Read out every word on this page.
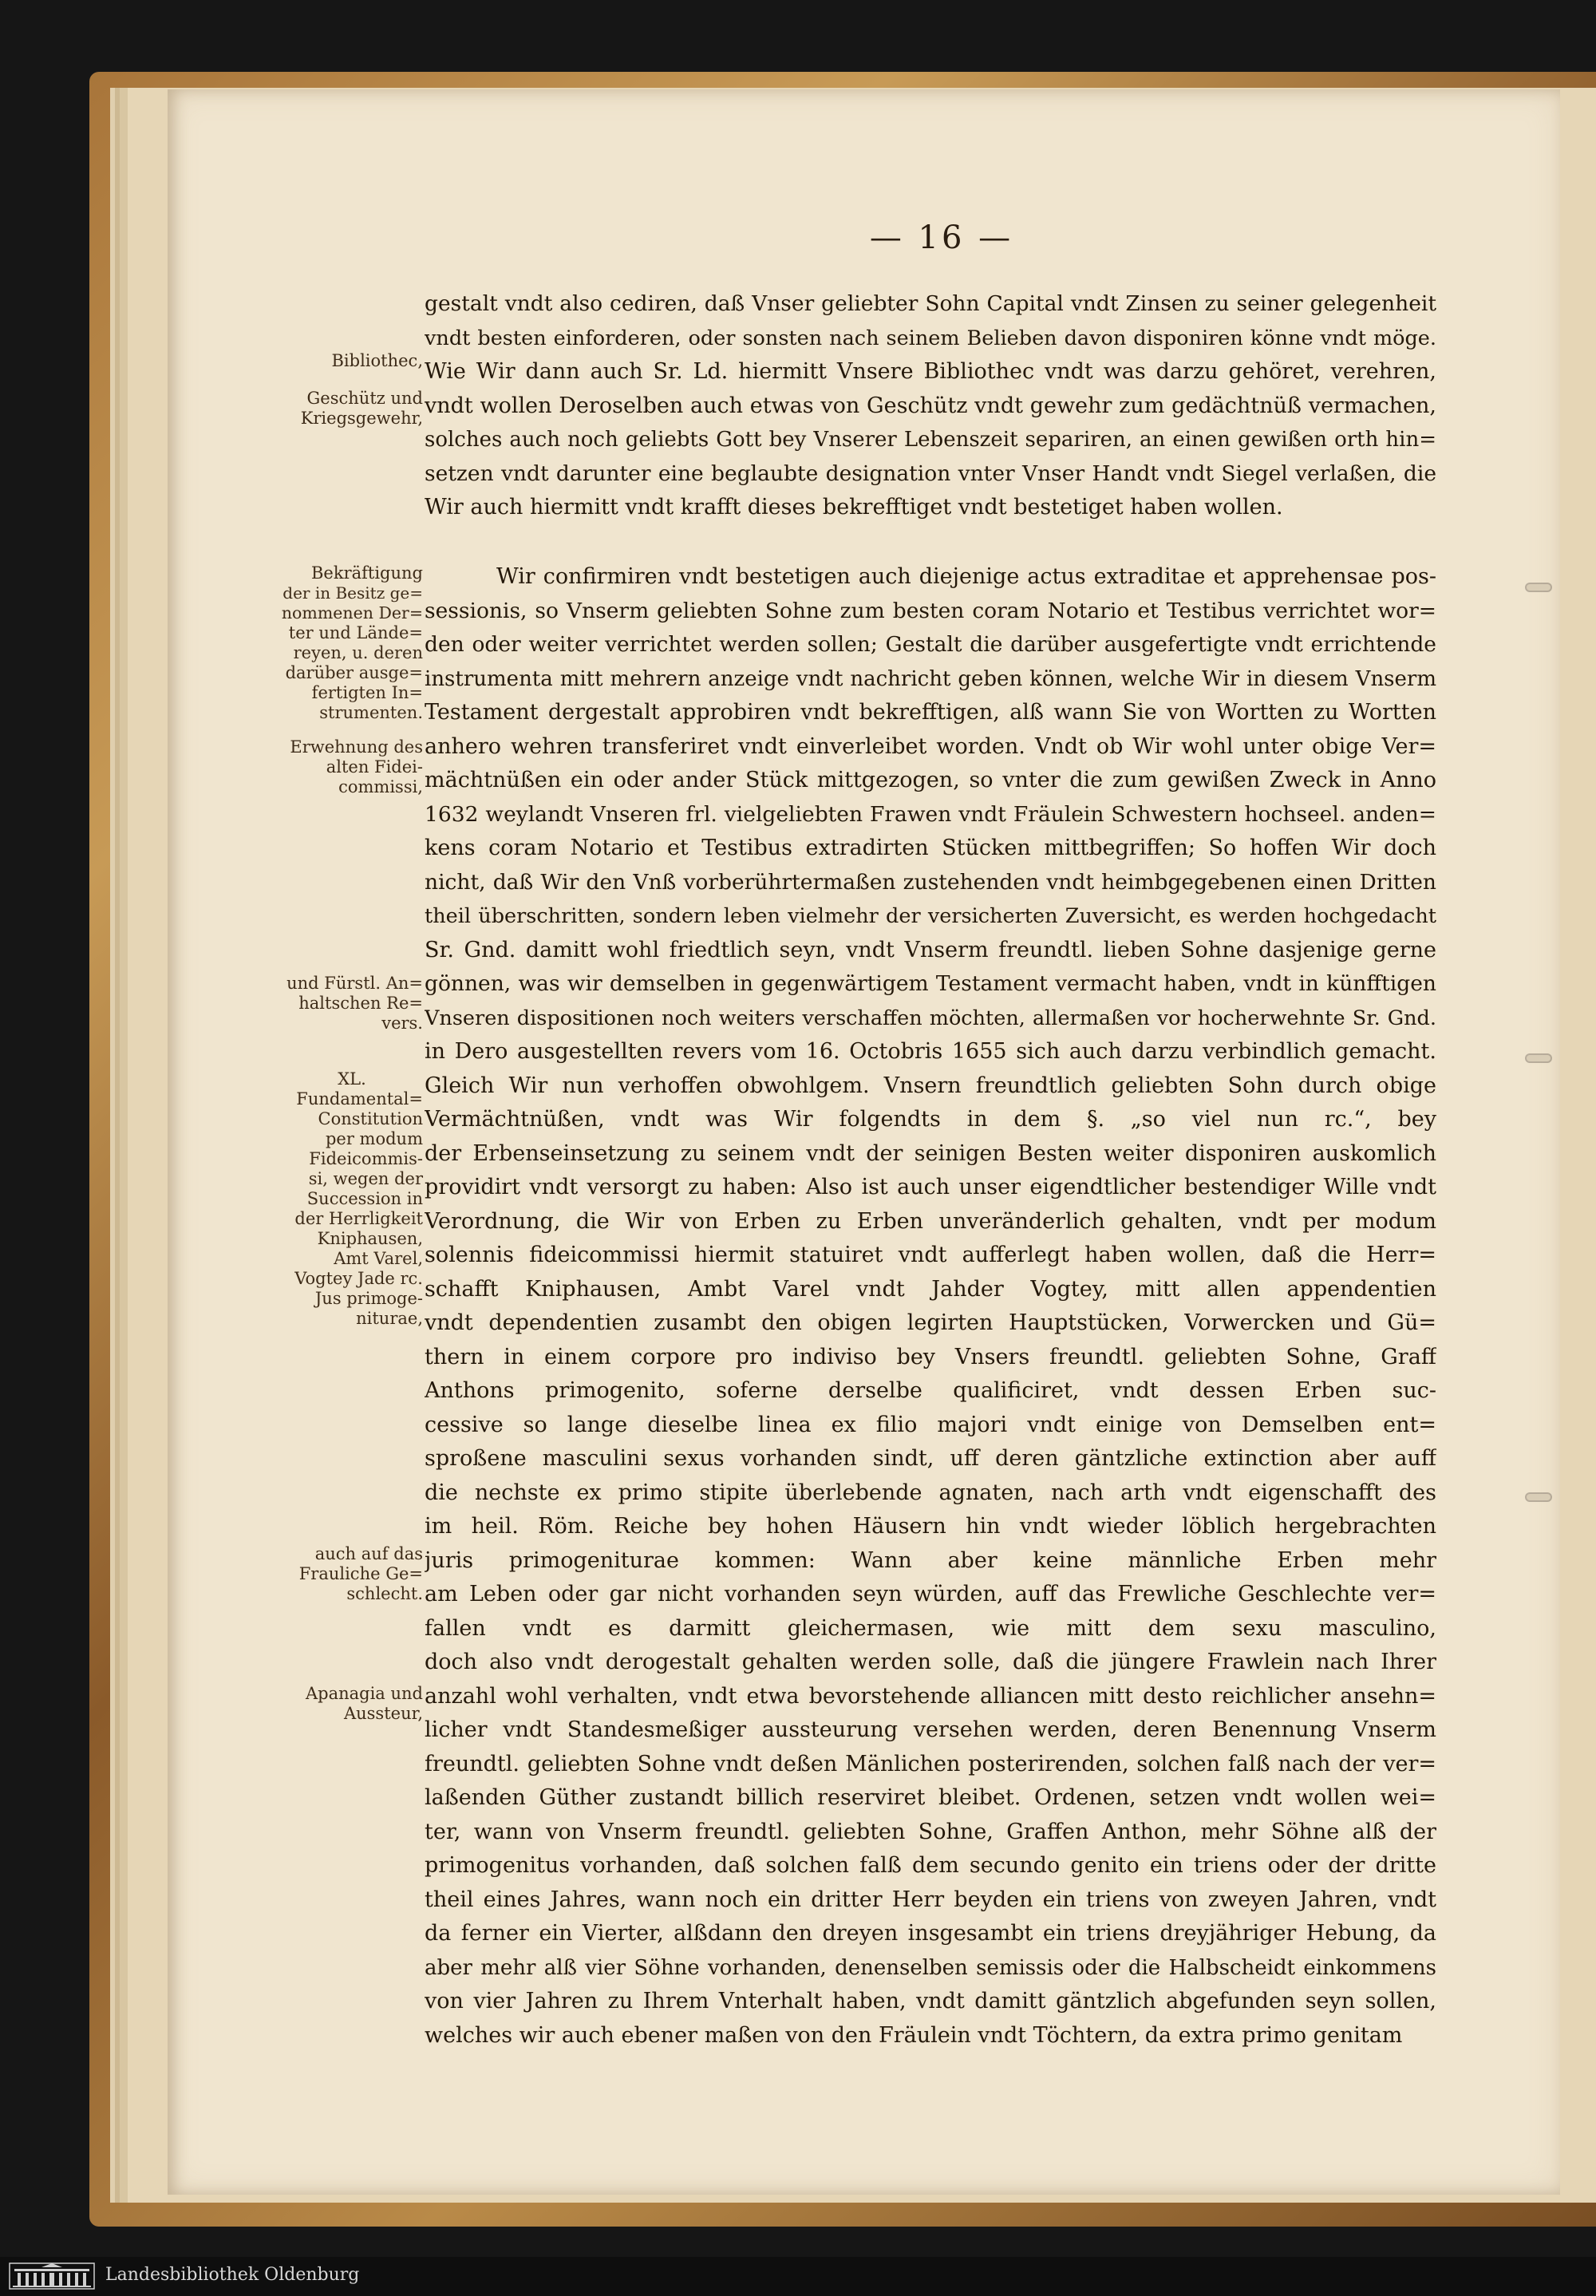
— 16 —
Bibliothec,
Geschütz und
Kriegsgewehr,
Bekräftigung
der in Besitz ge=
nommenen Der=
ter und Lände=
reyen, u. deren
darüber ausge=
fertigten In=
strumenten.
Erwehnung des
alten Fidei-
commissi,
und Fürstl. An=
haltschen Re=
vers.
XL.
Fundamental=
Constitution
per modum
Fideicommis-
si, wegen der
Succession in
der Herrligkeit
Kniphausen,
Amt Varel,
Vogtey Jade rc.
Jus primoge-
niturae,
auch auf das
Frauliche Ge=
schlecht.
Apanagia und
Aussteur,
gestalt vndt also cediren, daß Vnser geliebter Sohn Capital vndt Zinsen zu seiner gelegenheit
vndt besten einforderen, oder sonsten nach seinem Belieben davon disponiren könne vndt möge.
Wie Wir dann auch Sr. Ld. hiermitt Vnsere Bibliothec vndt was darzu gehöret, verehren,
vndt wollen Deroselben auch etwas von Geschütz vndt gewehr zum gedächtnüß vermachen,
solches auch noch geliebts Gott bey Vnserer Lebenszeit separiren, an einen gewißen orth hin=
setzen vndt darunter eine beglaubte designation vnter Vnser Handt vndt Siegel verlaßen, die
Wir auch hiermitt vndt krafft dieses bekrefftiget vndt bestetiget haben wollen.
Wir confirmiren vndt bestetigen auch diejenige actus extraditae et apprehensae pos-
sessionis, so Vnserm geliebten Sohne zum besten coram Notario et Testibus verrichtet wor=
den oder weiter verrichtet werden sollen; Gestalt die darüber ausgefertigte vndt errichtende
instrumenta mitt mehrern anzeige vndt nachricht geben können, welche Wir in diesem Vnserm
Testament dergestalt approbiren vndt bekrefftigen, alß wann Sie von Wortten zu Wortten
anhero wehren transferiret vndt einverleibet worden. Vndt ob Wir wohl unter obige Ver=
mächtnüßen ein oder ander Stück mittgezogen, so vnter die zum gewißen Zweck in Anno
1632 weylandt Vnseren frl. vielgeliebten Frawen vndt Fräulein Schwestern hochseel. anden=
kens coram Notario et Testibus extradirten Stücken mittbegriffen; So hoffen Wir doch
nicht, daß Wir den Vnß vorberührtermaßen zustehenden vndt heimbgegebenen einen Dritten
theil überschritten, sondern leben vielmehr der versicherten Zuversicht, es werden hochgedacht
Sr. Gnd. damitt wohl friedtlich seyn, vndt Vnserm freundtl. lieben Sohne dasjenige gerne
gönnen, was wir demselben in gegenwärtigem Testament vermacht haben, vndt in künfftigen
Vnseren dispositionen noch weiters verschaffen möchten, allermaßen vor hocherwehnte Sr. Gnd.
in Dero ausgestellten revers vom 16. Octobris 1655 sich auch darzu verbindlich gemacht.
Gleich Wir nun verhoffen obwohlgem. Vnsern freundtlich geliebten Sohn durch obige
Vermächtnüßen, vndt was Wir folgendts in dem §. „so viel nun rc.“, bey
der Erbenseinsetzung zu seinem vndt der seinigen Besten weiter disponiren auskomlich
providirt vndt versorgt zu haben: Also ist auch unser eigendtlicher bestendiger Wille vndt
Verordnung, die Wir von Erben zu Erben unveränderlich gehalten, vndt per modum
solennis fideicommissi hiermit statuiret vndt aufferlegt haben wollen, daß die Herr=
schafft Kniphausen, Ambt Varel vndt Jahder Vogtey, mitt allen appendentien
vndt dependentien zusambt den obigen legirten Hauptstücken, Vorwercken und Gü=
thern in einem corpore pro indiviso bey Vnsers freundtl. geliebten Sohne, Graff
Anthons primogenito, soferne derselbe qualificiret, vndt dessen Erben suc-
cessive so lange dieselbe linea ex filio majori vndt einige von Demselben ent=
sproßene masculini sexus vorhanden sindt, uff deren gäntzliche extinction aber auff
die nechste ex primo stipite überlebende agnaten, nach arth vndt eigenschafft des
im heil. Röm. Reiche bey hohen Häusern hin vndt wieder löblich hergebrachten
juris primogeniturae kommen: Wann aber keine männliche Erben mehr
am Leben oder gar nicht vorhanden seyn würden, auff das Frewliche Geschlechte ver=
fallen vndt es darmitt gleichermasen, wie mitt dem sexu masculino,
doch also vndt derogestalt gehalten werden solle, daß die jüngere Frawlein nach Ihrer
anzahl wohl verhalten, vndt etwa bevorstehende alliancen mitt desto reichlicher ansehn=
licher vndt Standesmeßiger aussteurung versehen werden, deren Benennung Vnserm
freundtl. geliebten Sohne vndt deßen Mänlichen posterirenden, solchen falß nach der ver=
laßenden Güther zustandt billich reserviret bleibet. Ordenen, setzen vndt wollen wei=
ter, wann von Vnserm freundtl. geliebten Sohne, Graffen Anthon, mehr Söhne alß der
primogenitus vorhanden, daß solchen falß dem secundo genito ein triens oder der dritte
theil eines Jahres, wann noch ein dritter Herr beyden ein triens von zweyen Jahren, vndt
da ferner ein Vierter, alßdann den dreyen insgesambt ein triens dreyjähriger Hebung, da
aber mehr alß vier Söhne vorhanden, denenselben semissis oder die Halbscheidt einkommens
von vier Jahren zu Ihrem Vnterhalt haben, vndt damitt gäntzlich abgefunden seyn sollen,
welches wir auch ebener maßen von den Fräulein vndt Töchtern, da extra primo genitam
Landesbibliothek Oldenburg
